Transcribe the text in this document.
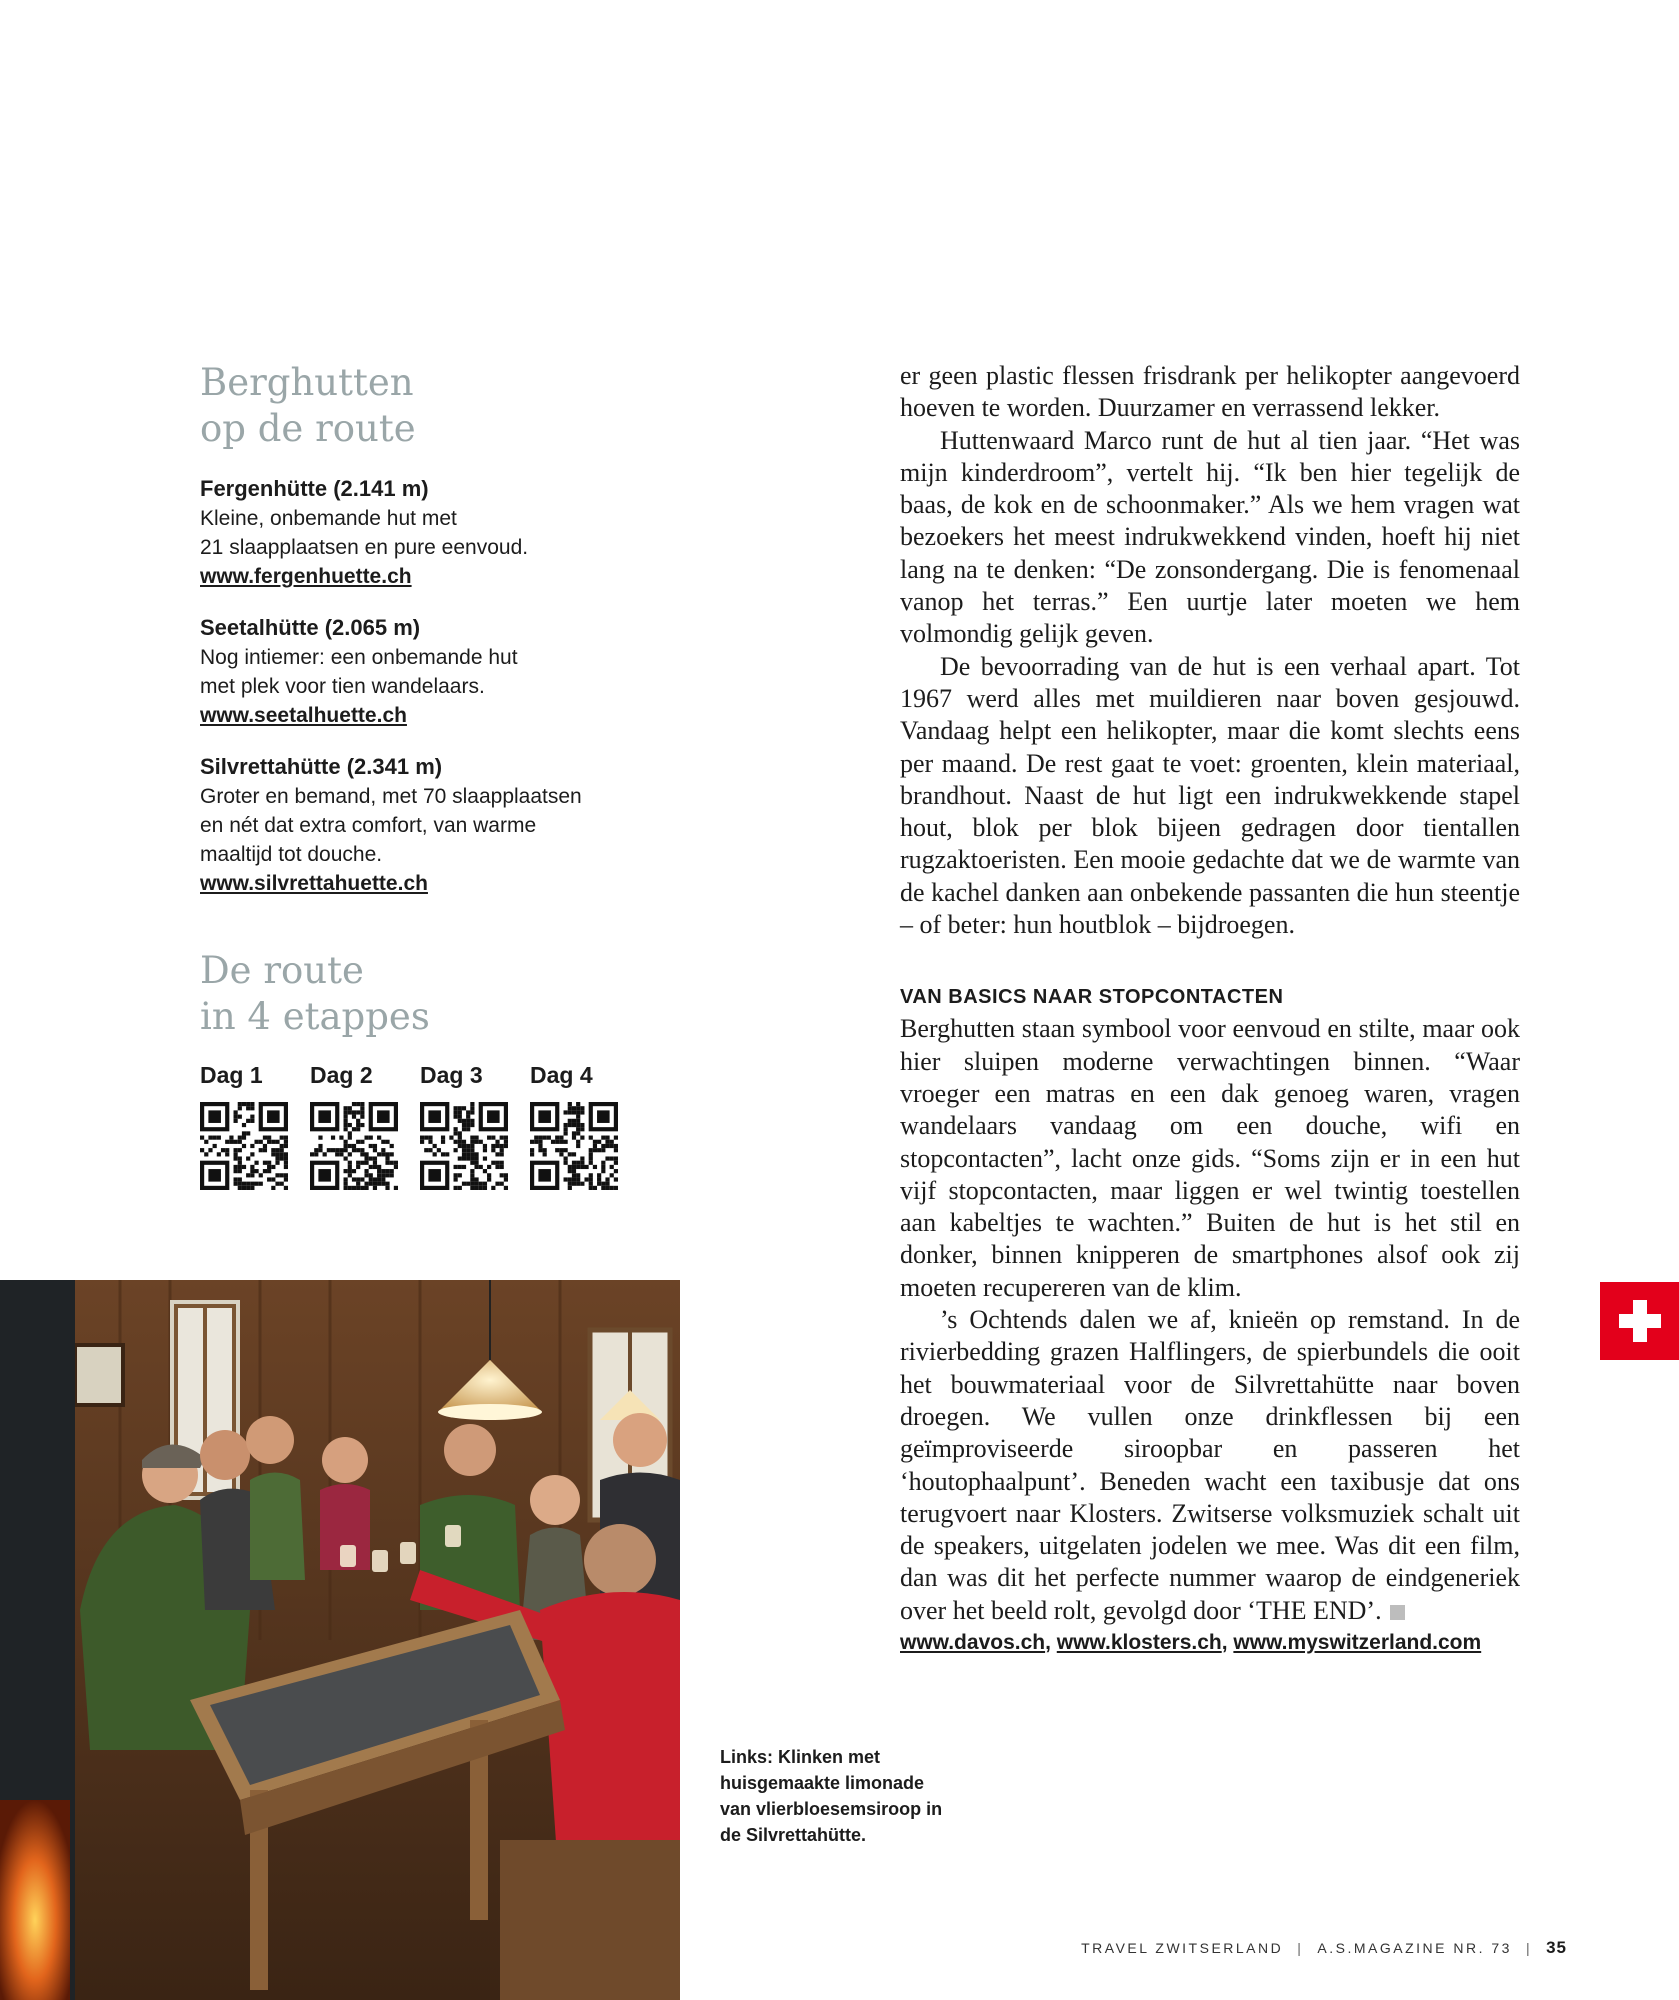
Berghutten
op de route
Fergenhütte (2.141 m)
Kleine, onbemande hut met
21 slaapplaatsen en pure eenvoud.
www.fergenhuette.ch
Seetalhütte (2.065 m)
Nog intiemer: een onbemande hut
met plek voor tien wandelaars.
www.seetalhuette.ch
Silvrettahütte (2.341 m)
Groter en bemand, met 70 slaapplaatsen
en nét dat extra comfort, van warme
maaltijd tot douche.
www.silvrettahuette.ch
De route
in 4 etappes
Dag 1	Dag 2	Dag 3	Dag 4
Links: Klinken met huisgemaakte limonade van vlierbloesemsiroop in de Silvrettahütte.

er geen plastic flessen frisdrank per helikopter aangevoerd hoeven te worden. Duurzamer en verrassend lekker.

Huttenwaard Marco runt de hut al tien jaar. “Het was mijn kinderdroom”, vertelt hij. “Ik ben hier tegelijk de baas, de kok en de schoonmaker.” Als we hem vragen wat bezoekers het meest indrukwekkend vinden, hoeft hij niet lang na te denken: “De zonsondergang. Die is fenomenaal vanop het terras.” Een uurtje later moeten we hem volmondig gelijk geven.

De bevoorrading van de hut is een verhaal apart. Tot 1967 werd alles met muildieren naar boven gesjouwd. Vandaag helpt een helikopter, maar die komt slechts eens per maand. De rest gaat te voet: groenten, klein materiaal, brandhout. Naast de hut ligt een indrukwekkende stapel hout, blok per blok bijeen gedragen door tientallen rugzaktoeristen. Een mooie gedachte dat we de warmte van de kachel danken aan onbekende passanten die hun steentje – of beter: hun houtblok – bijdroegen.

VAN BASICS NAAR STOPCONTACTEN

Berghutten staan symbool voor eenvoud en stilte, maar ook hier sluipen moderne verwachtingen binnen. “Waar vroeger een matras en een dak genoeg waren, vragen wandelaars vandaag om een douche, wifi en stopcontacten”, lacht onze gids. “Soms zijn er in een hut vijf stopcontacten, maar liggen er wel twintig toestellen aan kabeltjes te wachten.” Buiten de hut is het stil en donker, binnen knipperen de smartphones alsof ook zij moeten recupereren van de klim.

’s Ochtends dalen we af, knieën op remstand. In de rivierbedding grazen Halflingers, de spierbundels die ooit het bouwmateriaal voor de Silvrettahütte naar boven droegen. We vullen onze drinkflessen bij een geïmproviseerde siroopbar en passeren het ‘houtophaalpunt’. Beneden wacht een taxibusje dat ons terugvoert naar Klosters. Zwitserse volksmuziek schalt uit de speakers, uitgelaten jodelen we mee. Was dit een film, dan was dit het perfecte nummer waarop de eindgeneriek over het beeld rolt, gevolgd door ‘THE END’.

www.davos.ch, www.klosters.ch, www.myswitzerland.com
TRAVEL ZWITSERLAND | A.S.MAGAZINE NR. 73 | 35
